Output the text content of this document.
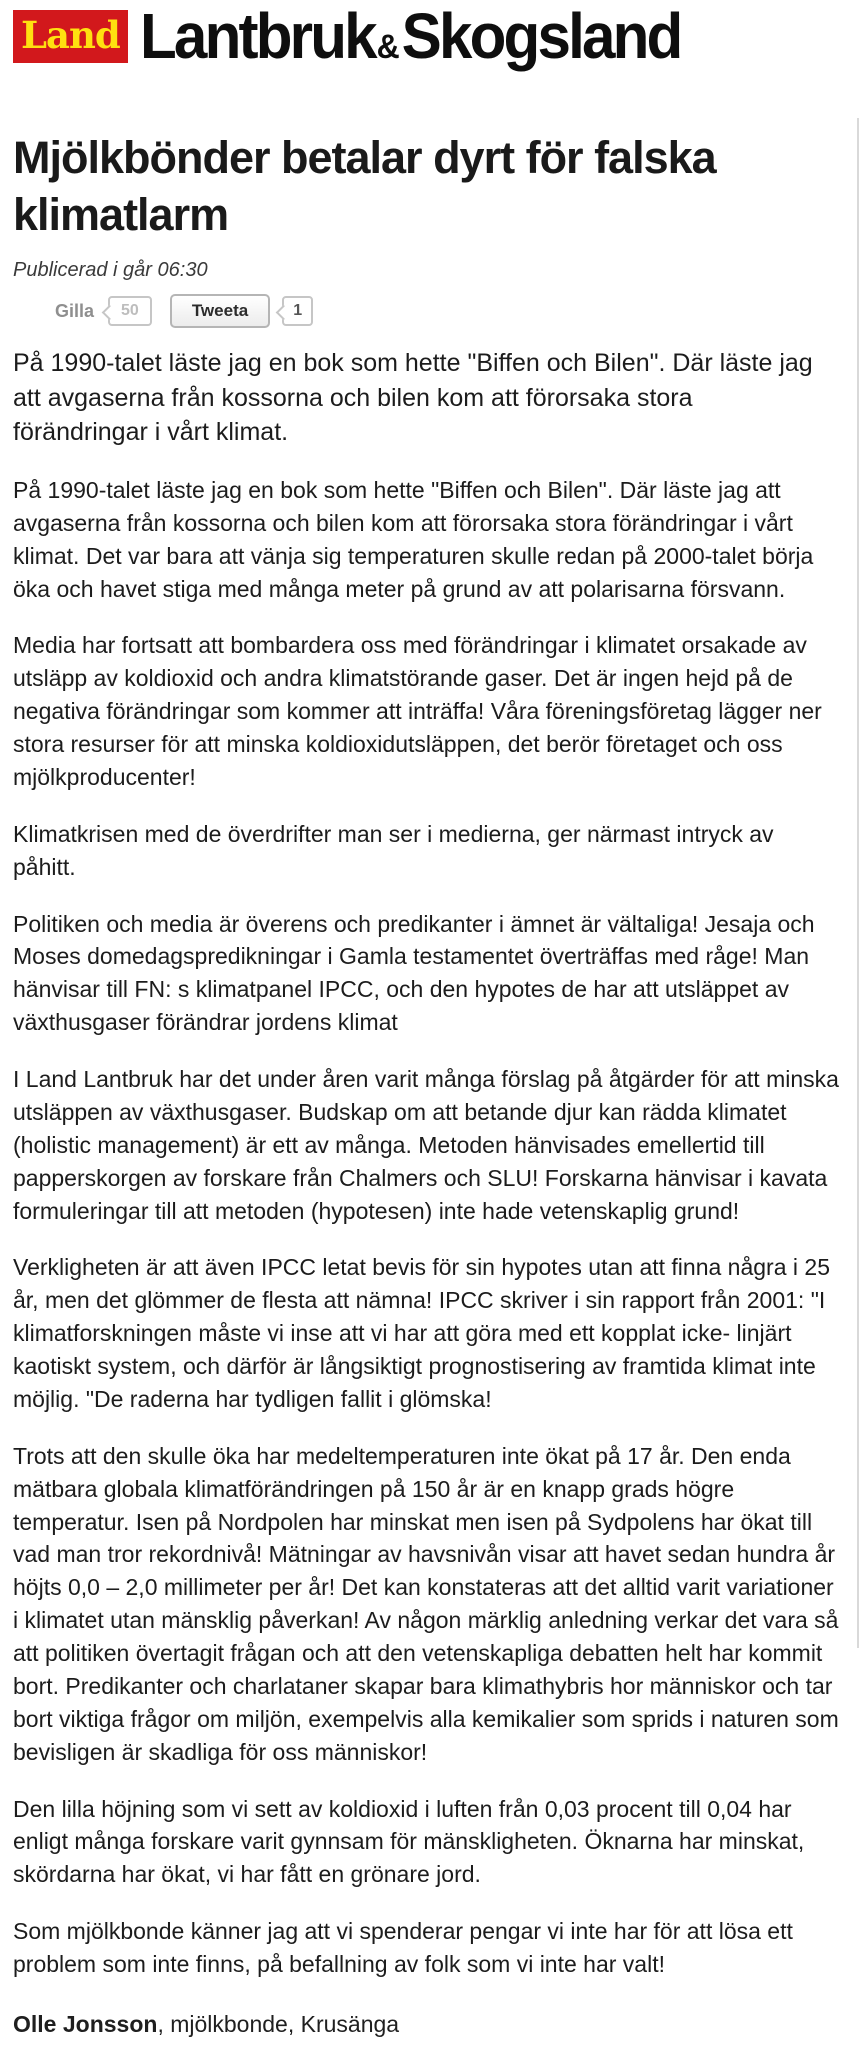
Land Lantbruk&Skogsland
Mjölkbönder betalar dyrt för falska klimatlarm
Publicerad i går 06:30
Gilla	50	Tweeta	1

På 1990-talet läste jag en bok som hette "Biffen och Bilen". Där läste jag att avgaserna från kossorna och bilen kom att förorsaka stora förändringar i vårt klimat.

På 1990-talet läste jag en bok som hette "Biffen och Bilen". Där läste jag att avgaserna från kossorna och bilen kom att förorsaka stora förändringar i vårt klimat. Det var bara att vänja sig temperaturen skulle redan på 2000-talet börja öka och havet stiga med många meter på grund av att polarisarna försvann.

Media har fortsatt att bombardera oss med förändringar i klimatet orsakade av utsläpp av koldioxid och andra klimatstörande gaser. Det är ingen hejd på de negativa förändringar som kommer att inträffa! Våra föreningsföretag lägger ner stora resurser för att minska koldioxidutsläppen, det berör företaget och oss mjölkproducenter!

Klimatkrisen med de överdrifter man ser i medierna, ger närmast intryck av påhitt.

Politiken och media är överens och predikanter i ämnet är vältaliga! Jesaja och Moses domedagspredikningar i Gamla testamentet överträffas med råge! Man hänvisar till FN: s klimatpanel IPCC, och den hypotes de har att utsläppet av växthusgaser förändrar jordens klimat

I Land Lantbruk har det under åren varit många förslag på åtgärder för att minska utsläppen av växthusgaser. Budskap om att betande djur kan rädda klimatet (holistic management) är ett av många. Metoden hänvisades emellertid till papperskorgen av forskare från Chalmers och SLU! Forskarna hänvisar i kavata formuleringar till att metoden (hypotesen) inte hade vetenskaplig grund!

Verkligheten är att även IPCC letat bevis för sin hypotes utan att finna några i 25 år, men det glömmer de flesta att nämna! IPCC skriver i sin rapport från 2001: "I klimatforskningen måste vi inse att vi har att göra med ett kopplat icke- linjärt kaotiskt system, och därför är långsiktigt prognostisering av framtida klimat inte möjlig. "De raderna har tydligen fallit i glömska!

Trots att den skulle öka har medeltemperaturen inte ökat på 17 år. Den enda mätbara globala klimatförändringen på 150 år är en knapp grads högre temperatur. Isen på Nordpolen har minskat men isen på Sydpolens har ökat till vad man tror rekordnivå! Mätningar av havsnivån visar att havet sedan hundra år höjts 0,0 – 2,0 millimeter per år! Det kan konstateras att det alltid varit variationer i klimatet utan mänsklig påverkan! Av någon märklig anledning verkar det vara så att politiken övertagit frågan och att den vetenskapliga debatten helt har kommit bort. Predikanter och charlataner skapar bara klimathybris hor människor och tar bort viktiga frågor om miljön, exempelvis alla kemikalier som sprids i naturen som bevisligen är skadliga för oss människor!

Den lilla höjning som vi sett av koldioxid i luften från 0,03 procent till 0,04 har enligt många forskare varit gynnsam för mänskligheten. Öknarna har minskat, skördarna har ökat, vi har fått en grönare jord.

Som mjölkbonde känner jag att vi spenderar pengar vi inte har för att lösa ett problem som inte finns, på befallning av folk som vi inte har valt!

Olle Jonsson, mjölkbonde, Krusänga
